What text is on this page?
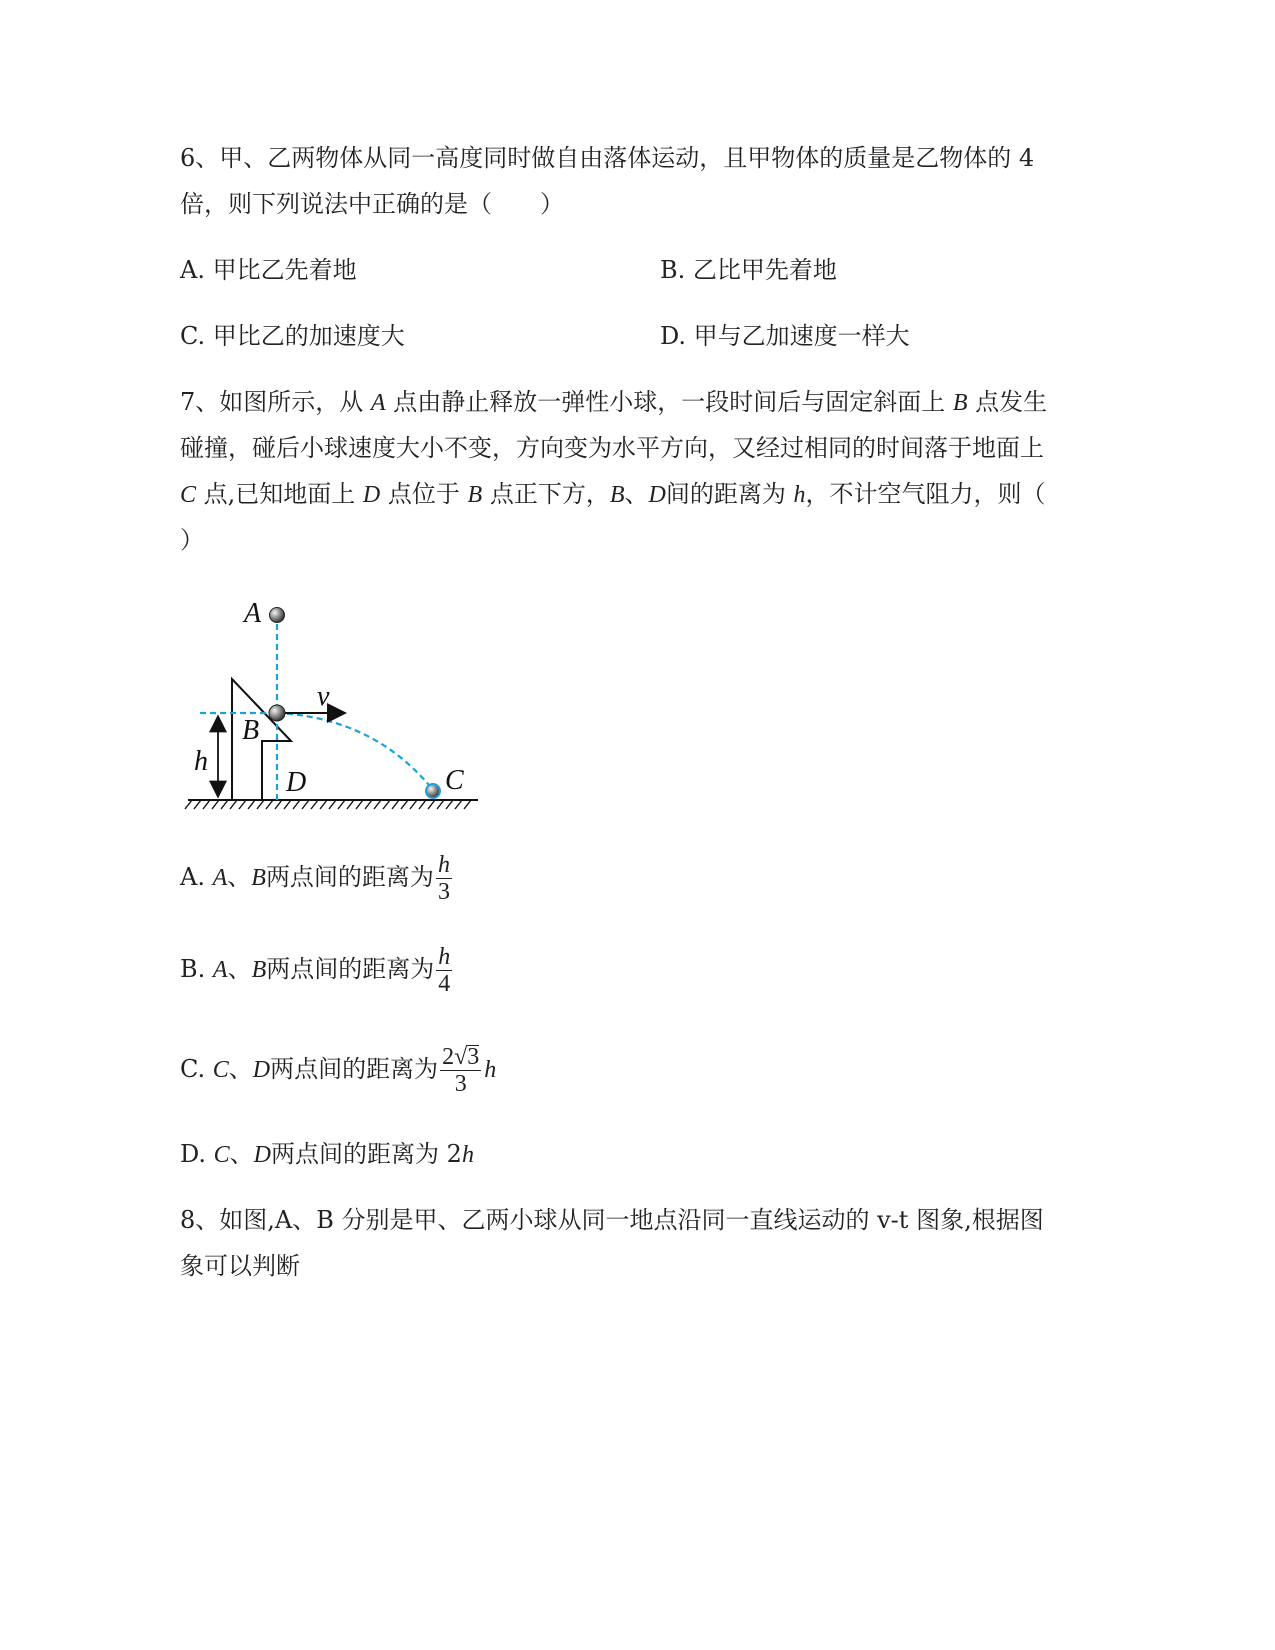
6、甲、乙两物体从同一高度同时做自由落体运动，且甲物体的质量是乙物体的 4
倍，则下列说法中正确的是（　　）
A. 甲比乙先着地	B. 乙比甲先着地
C. 甲比乙的加速度大	D. 甲与乙加速度一样大
7、如图所示，从 A 点由静止释放一弹性小球，一段时间后与固定斜面上 B 点发生
碰撞，碰后小球速度大小不变，方向变为水平方向，又经过相同的时间落于地面上
C 点,已知地面上 D 点位于 B 点正下方，B、D间的距离为 h，不计空气阻力，则（
）
A
v
B
h
D	C
A. A、B两点间的距离为 $\frac{h}{3}$
B. A、B两点间的距离为 $\frac{h}{4}$
C. C、D两点间的距离为 $\frac{2√3}{3}$ h
D. C、D两点间的距离为 2h
8、如图,A、B 分别是甲、乙两小球从同一地点沿同一直线运动的 v-t 图象,根据图
象可以判断
